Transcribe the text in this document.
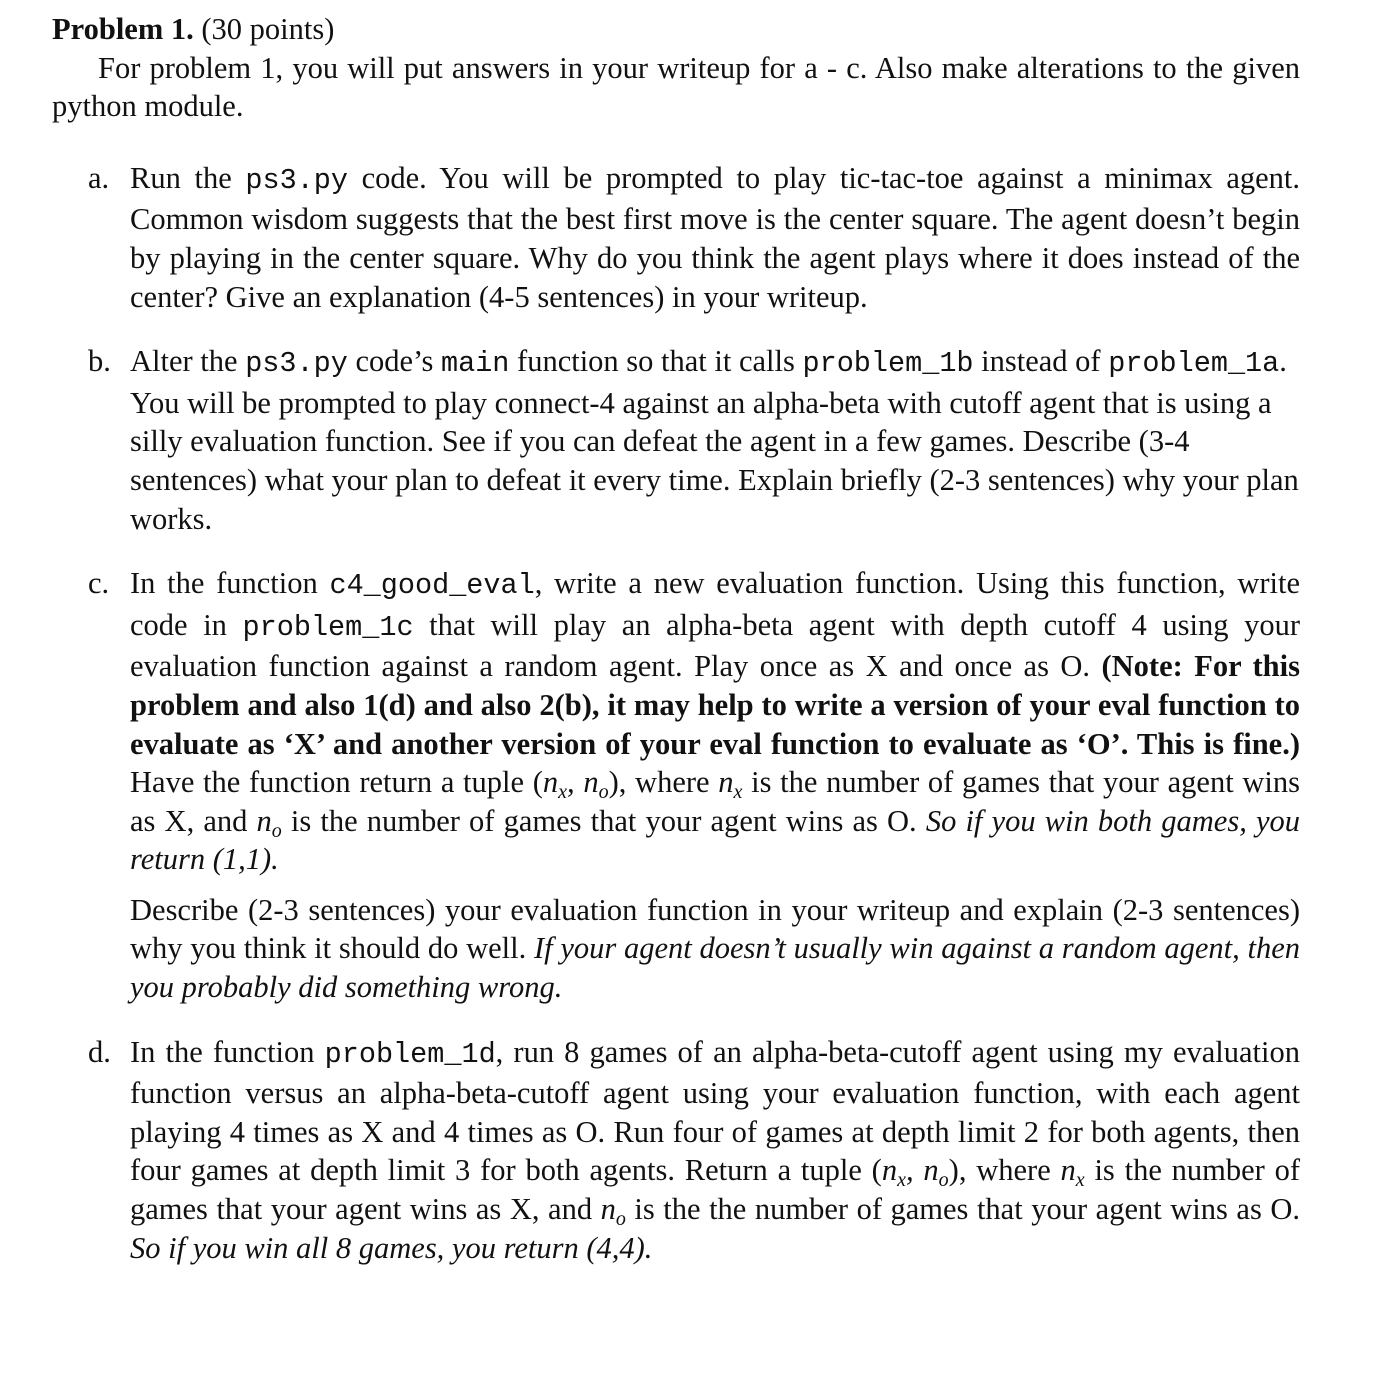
Problem 1. (30 points)

For problem 1, you will put answers in your writeup for a - c. Also make alterations to the given python module.

a. Run the ps3.py code. You will be prompted to play tic-tac-toe against a minimax agent. Common wisdom suggests that the best first move is the center square. The agent doesn’t begin by playing in the center square. Why do you think the agent plays where it does instead of the center? Give an explanation (4-5 sentences) in your writeup.

b. Alter the ps3.py code’s main function so that it calls problem_1b instead of problem_1a. You will be prompted to play connect-4 against an alpha-beta with cutoff agent that is using a silly evaluation function. See if you can defeat the agent in a few games. Describe (3-4 sentences) what your plan to defeat it every time. Explain briefly (2-3 sentences) why your plan works.

c. In the function c4_good_eval, write a new evaluation function. Using this function, write code in problem_1c that will play an alpha-beta agent with depth cutoff 4 using your evaluation function against a random agent. Play once as X and once as O. (Note: For this problem and also 1(d) and also 2(b), it may help to write a version of your eval function to evaluate as ‘X’ and another version of your eval function to evaluate as ‘O’. This is fine.) Have the function return a tuple ($n_x$, $n_o$), where $n_x$ is the number of games that your agent wins as X, and $n_o$ is the number of games that your agent wins as O. So if you win both games, you return (1,1).

Describe (2-3 sentences) your evaluation function in your writeup and explain (2-3 sentences) why you think it should do well. If your agent doesn’t usually win against a random agent, then you probably did something wrong.

d. In the function problem_1d, run 8 games of an alpha-beta-cutoff agent using my evaluation function versus an alpha-beta-cutoff agent using your evaluation function, with each agent playing 4 times as X and 4 times as O. Run four of games at depth limit 2 for both agents, then four games at depth limit 3 for both agents. Return a tuple ($n_x$, $n_o$), where $n_x$ is the number of games that your agent wins as X, and $n_o$ is the the number of games that your agent wins as O. So if you win all 8 games, you return (4,4).
